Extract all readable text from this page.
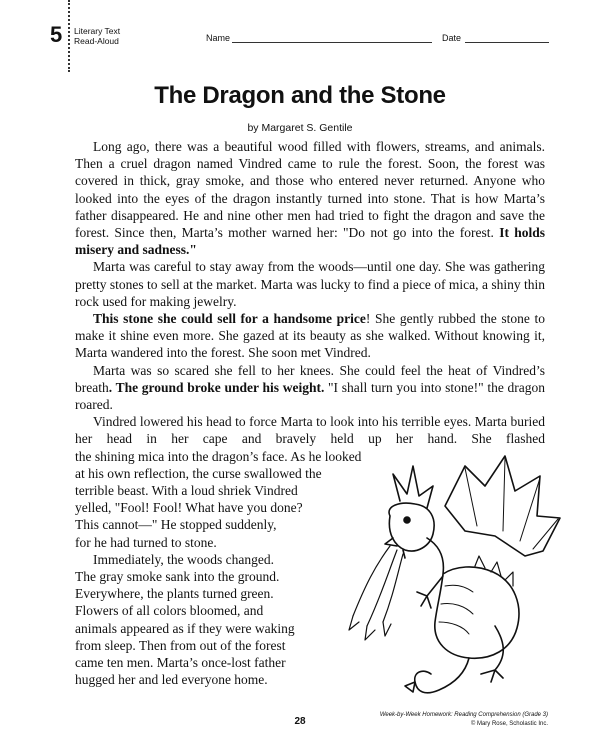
5 Literary Text
Read-Aloud	Name	Date
The Dragon and the Stone
by Margaret S. Gentile

Long ago, there was a beautiful wood filled with flowers, streams, and animals. Then a cruel dragon named Vindred came to rule the forest. Soon, the forest was covered in thick, gray smoke, and those who entered never returned. Anyone who looked into the eyes of the dragon instantly turned into stone. That is how Marta’s father disappeared. He and nine other men had tried to fight the dragon and save the forest. Since then, Marta’s mother warned her: "Do not go into the forest. It holds misery and sadness."

Marta was careful to stay away from the woods—until one day. She was gathering pretty stones to sell at the market. Marta was lucky to find a piece of mica, a shiny thin rock used for making jewelry.

This stone she could sell for a handsome price! She gently rubbed the stone to make it shine even more. She gazed at its beauty as she walked. Without knowing it, Marta wandered into the forest. She soon met Vindred.

Marta was so scared she fell to her knees. She could feel the heat of Vindred’s breath. The ground broke under his weight. "I shall turn you into stone!" the dragon roared.

Vindred lowered his head to force Marta to look into his terrible eyes. Marta buried her head in her cape and bravely held up her hand. She flashed the shining mica into the dragon’s face. As he looked
at his own reflection, the curse swallowed the
terrible beast. With a loud shriek Vindred
yelled, "Fool! Fool! What have you done?
This cannot—" He stopped suddenly,
for he had turned to stone.

Immediately, the woods changed.
The gray smoke sank into the ground.
Everywhere, the plants turned green.
Flowers of all colors bloomed, and
animals appeared as if they were waking
from sleep. Then from out of the forest
came ten men. Marta’s once-lost father
hugged her and led everyone home.

28
Week-by-Week Homework: Reading Comprehension (Grade 3)
© Mary Rose, Scholastic Inc.
